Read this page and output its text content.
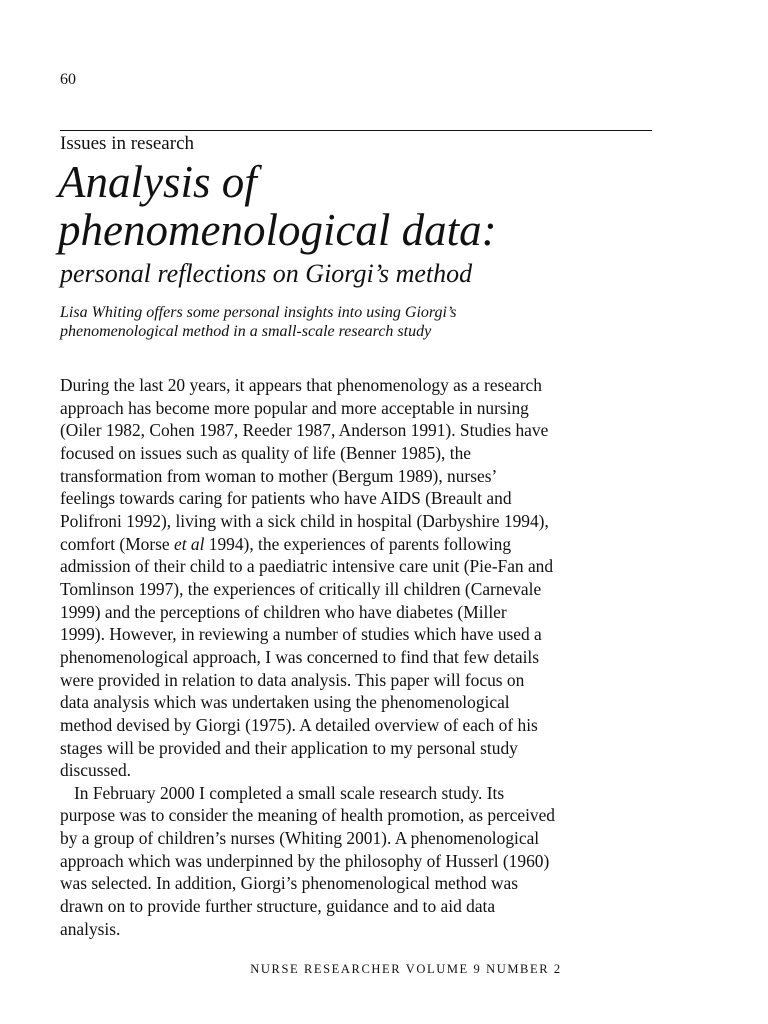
60
Issues in research
Analysis of
phenomenological data:
personal reflections on Giorgi’s method
Lisa Whiting offers some personal insights into using Giorgi’s
phenomenological method in a small-scale research study
During the last 20 years, it appears that phenomenology as a research
approach has become more popular and more acceptable in nursing
(Oiler 1982, Cohen 1987, Reeder 1987, Anderson 1991). Studies have
focused on issues such as quality of life (Benner 1985), the
transformation from woman to mother (Bergum 1989), nurses’
feelings towards caring for patients who have AIDS (Breault and
Polifroni 1992), living with a sick child in hospital (Darbyshire 1994),
comfort (Morse et al 1994), the experiences of parents following
admission of their child to a paediatric intensive care unit (Pie-Fan and
Tomlinson 1997), the experiences of critically ill children (Carnevale
1999) and the perceptions of children who have diabetes (Miller
1999). However, in reviewing a number of studies which have used a
phenomenological approach, I was concerned to find that few details
were provided in relation to data analysis. This paper will focus on
data analysis which was undertaken using the phenomenological
method devised by Giorgi (1975). A detailed overview of each of his
stages will be provided and their application to my personal study
discussed.
In February 2000 I completed a small scale research study. Its
purpose was to consider the meaning of health promotion, as perceived
by a group of children’s nurses (Whiting 2001). A phenomenological
approach which was underpinned by the philosophy of Husserl (1960)
was selected. In addition, Giorgi’s phenomenological method was
drawn on to provide further structure, guidance and to aid data
analysis.
NURSE RESEARCHER VOLUME 9 NUMBER 2
